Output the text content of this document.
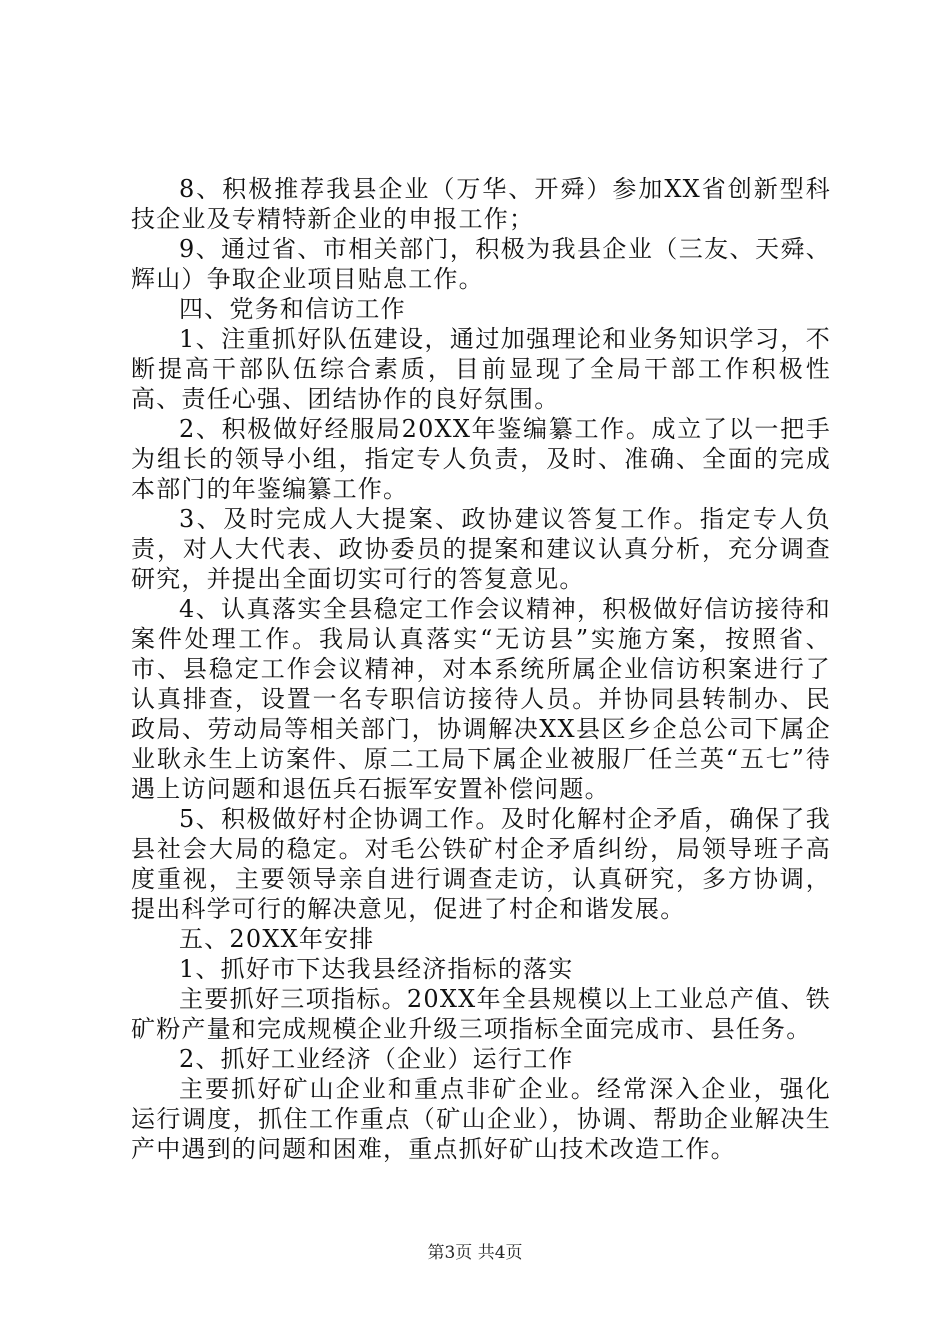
8、积极推荐我县企业（万华、开舜）参加XX省创新型科技企业及专精特新企业的申报工作；

9、通过省、市相关部门，积极为我县企业（三友、天舜、辉山）争取企业项目贴息工作。

四、党务和信访工作

1、注重抓好队伍建设，通过加强理论和业务知识学习，不断提高干部队伍综合素质，目前显现了全局干部工作积极性高、责任心强、团结协作的良好氛围。

2、积极做好经服局20XX年鉴编纂工作。成立了以一把手为组长的领导小组，指定专人负责，及时、准确、全面的完成本部门的年鉴编纂工作。

3、及时完成人大提案、政协建议答复工作。指定专人负责，对人大代表、政协委员的提案和建议认真分析，充分调查研究，并提出全面切实可行的答复意见。

4、认真落实全县稳定工作会议精神，积极做好信访接待和案件处理工作。我局认真落实“无访县”实施方案，按照省、市、县稳定工作会议精神，对本系统所属企业信访积案进行了认真排查，设置一名专职信访接待人员。并协同县转制办、民政局、劳动局等相关部门，协调解决XX县区乡企总公司下属企业耿永生上访案件、原二工局下属企业被服厂任兰英“五七”待遇上访问题和退伍兵石振军安置补偿问题。

5、积极做好村企协调工作。及时化解村企矛盾，确保了我县社会大局的稳定。对毛公铁矿村企矛盾纠纷，局领导班子高度重视，主要领导亲自进行调查走访，认真研究，多方协调，提出科学可行的解决意见，促进了村企和谐发展。

五、20XX年安排

1、抓好市下达我县经济指标的落实

主要抓好三项指标。20XX年全县规模以上工业总产值、铁矿粉产量和完成规模企业升级三项指标全面完成市、县任务。

2、抓好工业经济（企业）运行工作

主要抓好矿山企业和重点非矿企业。经常深入企业，强化运行调度，抓住工作重点（矿山企业），协调、帮助企业解决生产中遇到的问题和困难，重点抓好矿山技术改造工作。

第3页 共4页
